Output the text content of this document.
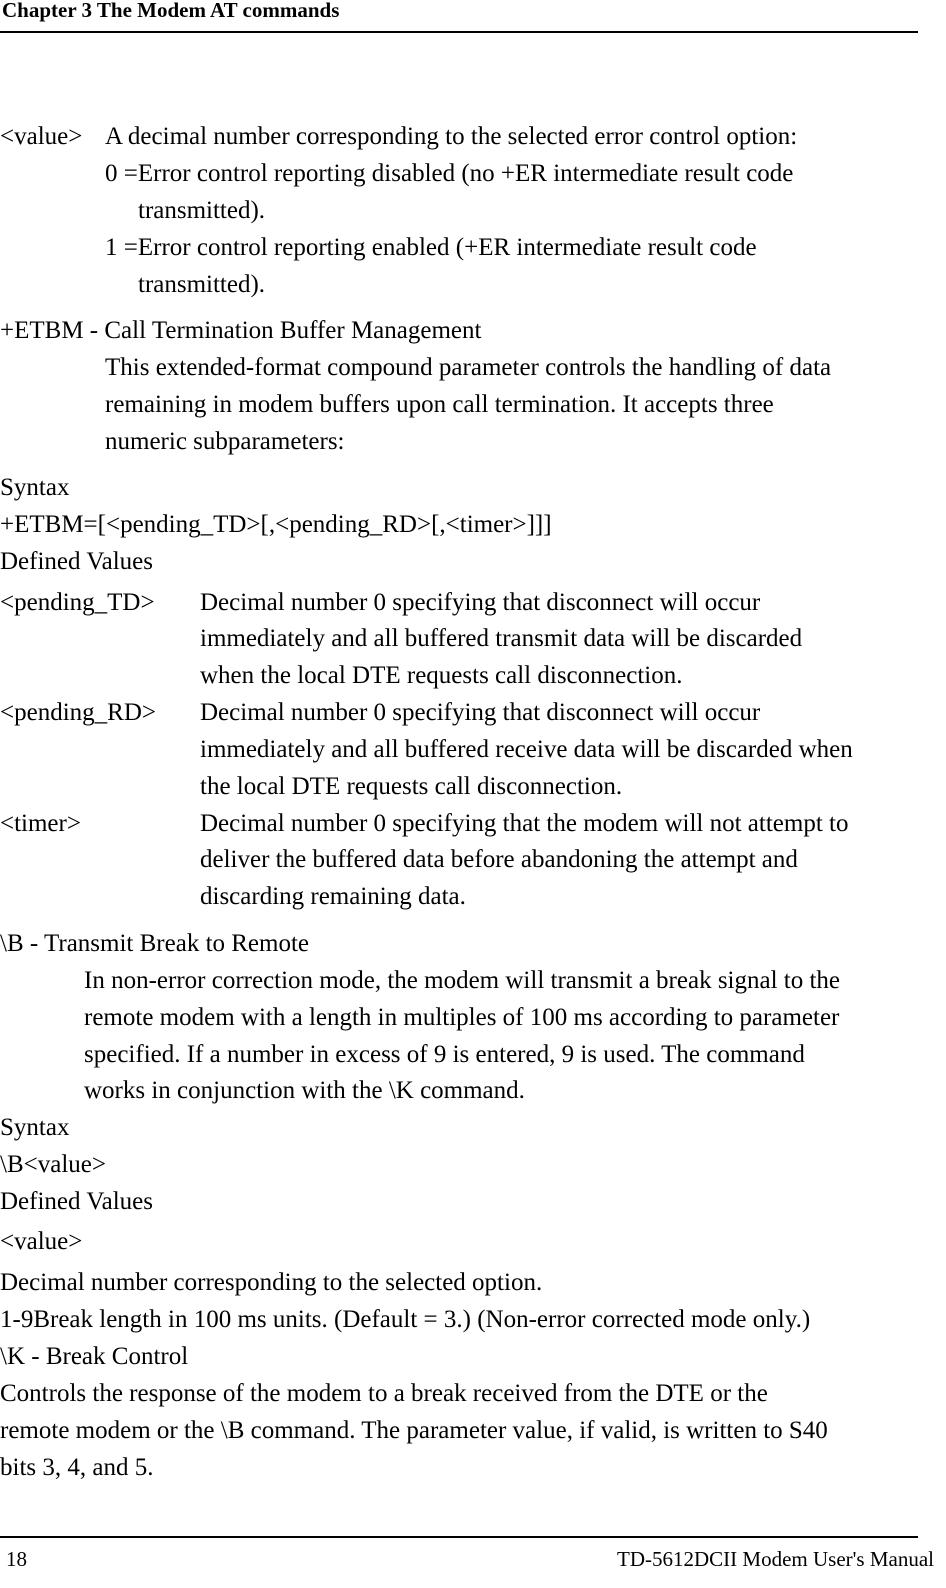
Chapter 3 The Modem AT commands
<value> A decimal number corresponding to the selected error control option:
0 =Error control reporting disabled (no +ER intermediate result code
transmitted).
1 =Error control reporting enabled (+ER intermediate result code
transmitted).
+ETBM - Call Termination Buffer Management
This extended-format compound parameter controls the handling of data
remaining in modem buffers upon call termination. It accepts three
numeric subparameters:
Syntax
+ETBM=[<pending_TD>[,<pending_RD>[,<timer>]]]
Defined Values
<pending_TD> Decimal number 0 specifying that disconnect will occur
immediately and all buffered transmit data will be discarded
when the local DTE requests call disconnection.
<pending_RD> Decimal number 0 specifying that disconnect will occur
immediately and all buffered receive data will be discarded when
the local DTE requests call disconnection.
<timer>	Decimal number 0 specifying that the modem will not attempt to
deliver the buffered data before abandoning the attempt and
discarding remaining data.
\B - Transmit Break to Remote
In non-error correction mode, the modem will transmit a break signal to the
remote modem with a length in multiples of 100 ms according to parameter
specified. If a number in excess of 9 is entered, 9 is used. The command
works in conjunction with the \K command.
Syntax
\B<value>
Defined Values
<value>
Decimal number corresponding to the selected option.
1-9Break length in 100 ms units. (Default = 3.) (Non-error corrected mode only.)
\K - Break Control
Controls the response of the modem to a break received from the DTE or the
remote modem or the \B command. The parameter value, if valid, is written to S40
bits 3, 4, and 5.
18	TD-5612DCII Modem User's Manual
